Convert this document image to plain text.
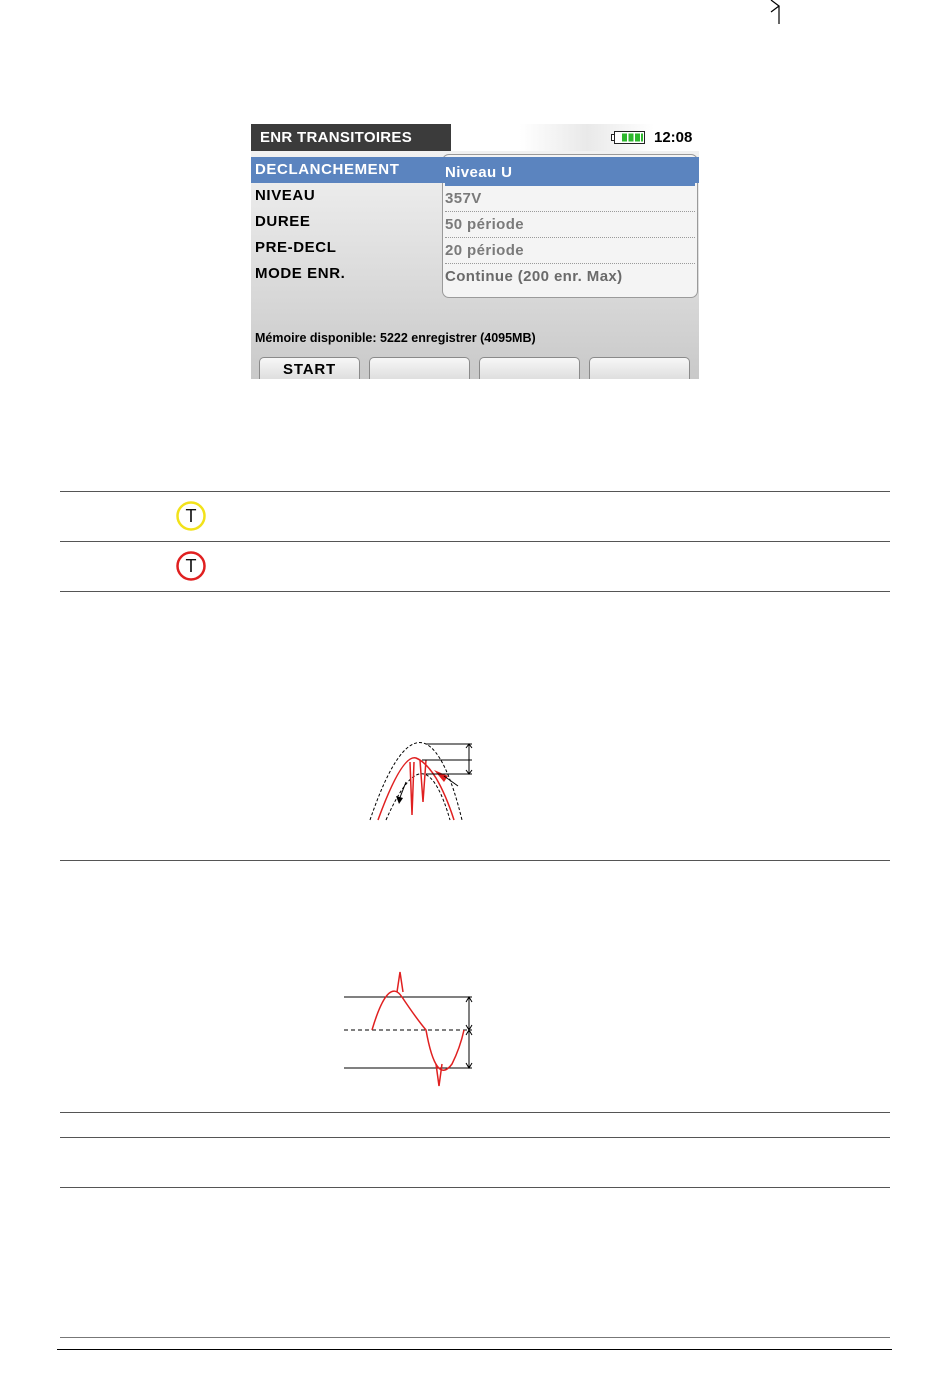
ENR TRANSITOIRES	12:08
DECLANCHEMENT
NIVEAU
DUREE
PRE-DECL
MODE ENR.
Niveau U
357V
50 période
20 période
Continue (200 enr. Max)
Mémoire disponible: 5222 enregistrer (4095MB)
START
T
T
